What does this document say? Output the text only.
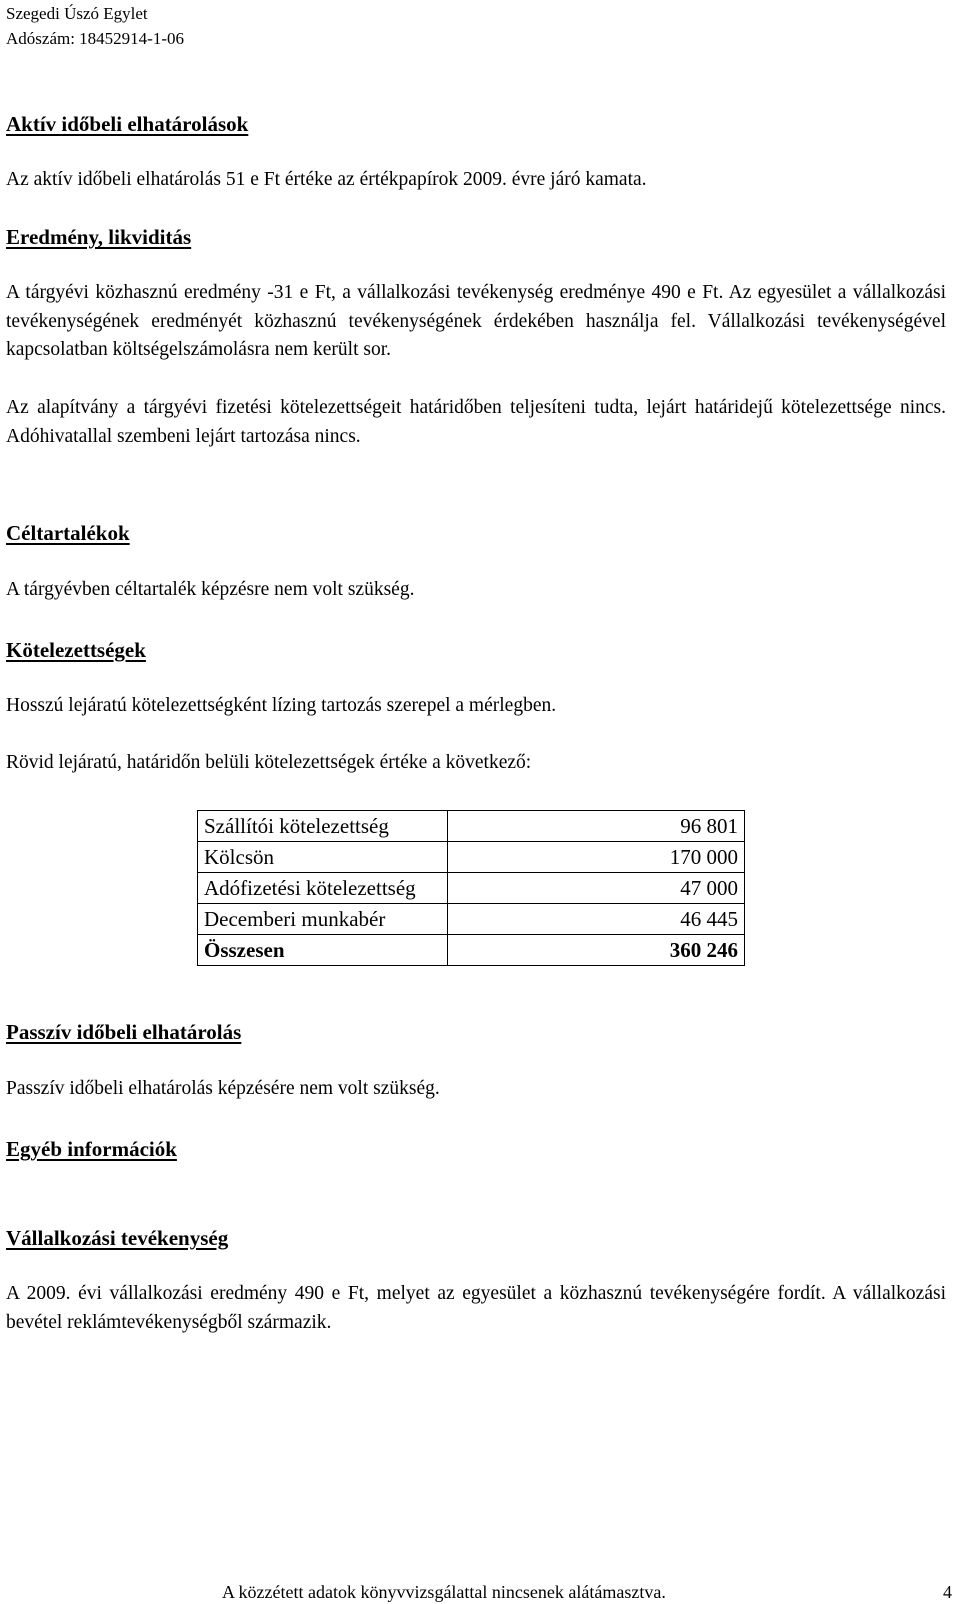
Szegedi Úszó Egylet
Adószám: 18452914-1-06
Aktív időbeli elhatárolások
Az aktív időbeli elhatárolás 51 e Ft értéke az értékpapírok 2009. évre járó kamata.
Eredmény, likviditás
A tárgyévi közhasznú eredmény -31 e Ft, a vállalkozási tevékenység eredménye 490 e Ft. Az egyesület a vállalkozási tevékenységének eredményét közhasznú tevékenységének érdekében használja fel. Vállalkozási tevékenységével kapcsolatban költségelszámolásra nem került sor.
Az alapítvány a tárgyévi fizetési kötelezettségeit határidőben teljesíteni tudta, lejárt határidejű kötelezettsége nincs. Adóhivatallal szembeni lejárt tartozása nincs.
Céltartalékok
A tárgyévben céltartalék képzésre nem volt szükség.
Kötelezettségek
Hosszú lejáratú kötelezettségként lízing tartozás szerepel a mérlegben.
Rövid lejáratú, határidőn belüli kötelezettségek értéke a következő:
Szállítói kötelezettség	96 801
Kölcsön	170 000
Adófizetési kötelezettség	47 000
Decemberi munkabér	46 445
Összesen	360 246
Passzív időbeli elhatárolás
Passzív időbeli elhatárolás képzésére nem volt szükség.
Egyéb információk
Vállalkozási tevékenység
A 2009. évi vállalkozási eredmény 490 e Ft, melyet az egyesület a közhasznú tevékenységére fordít. A vállalkozási bevétel reklámtevékenységből származik.
A közzétett adatok könyvvizsgálattal nincsenek alátámasztva.	4
